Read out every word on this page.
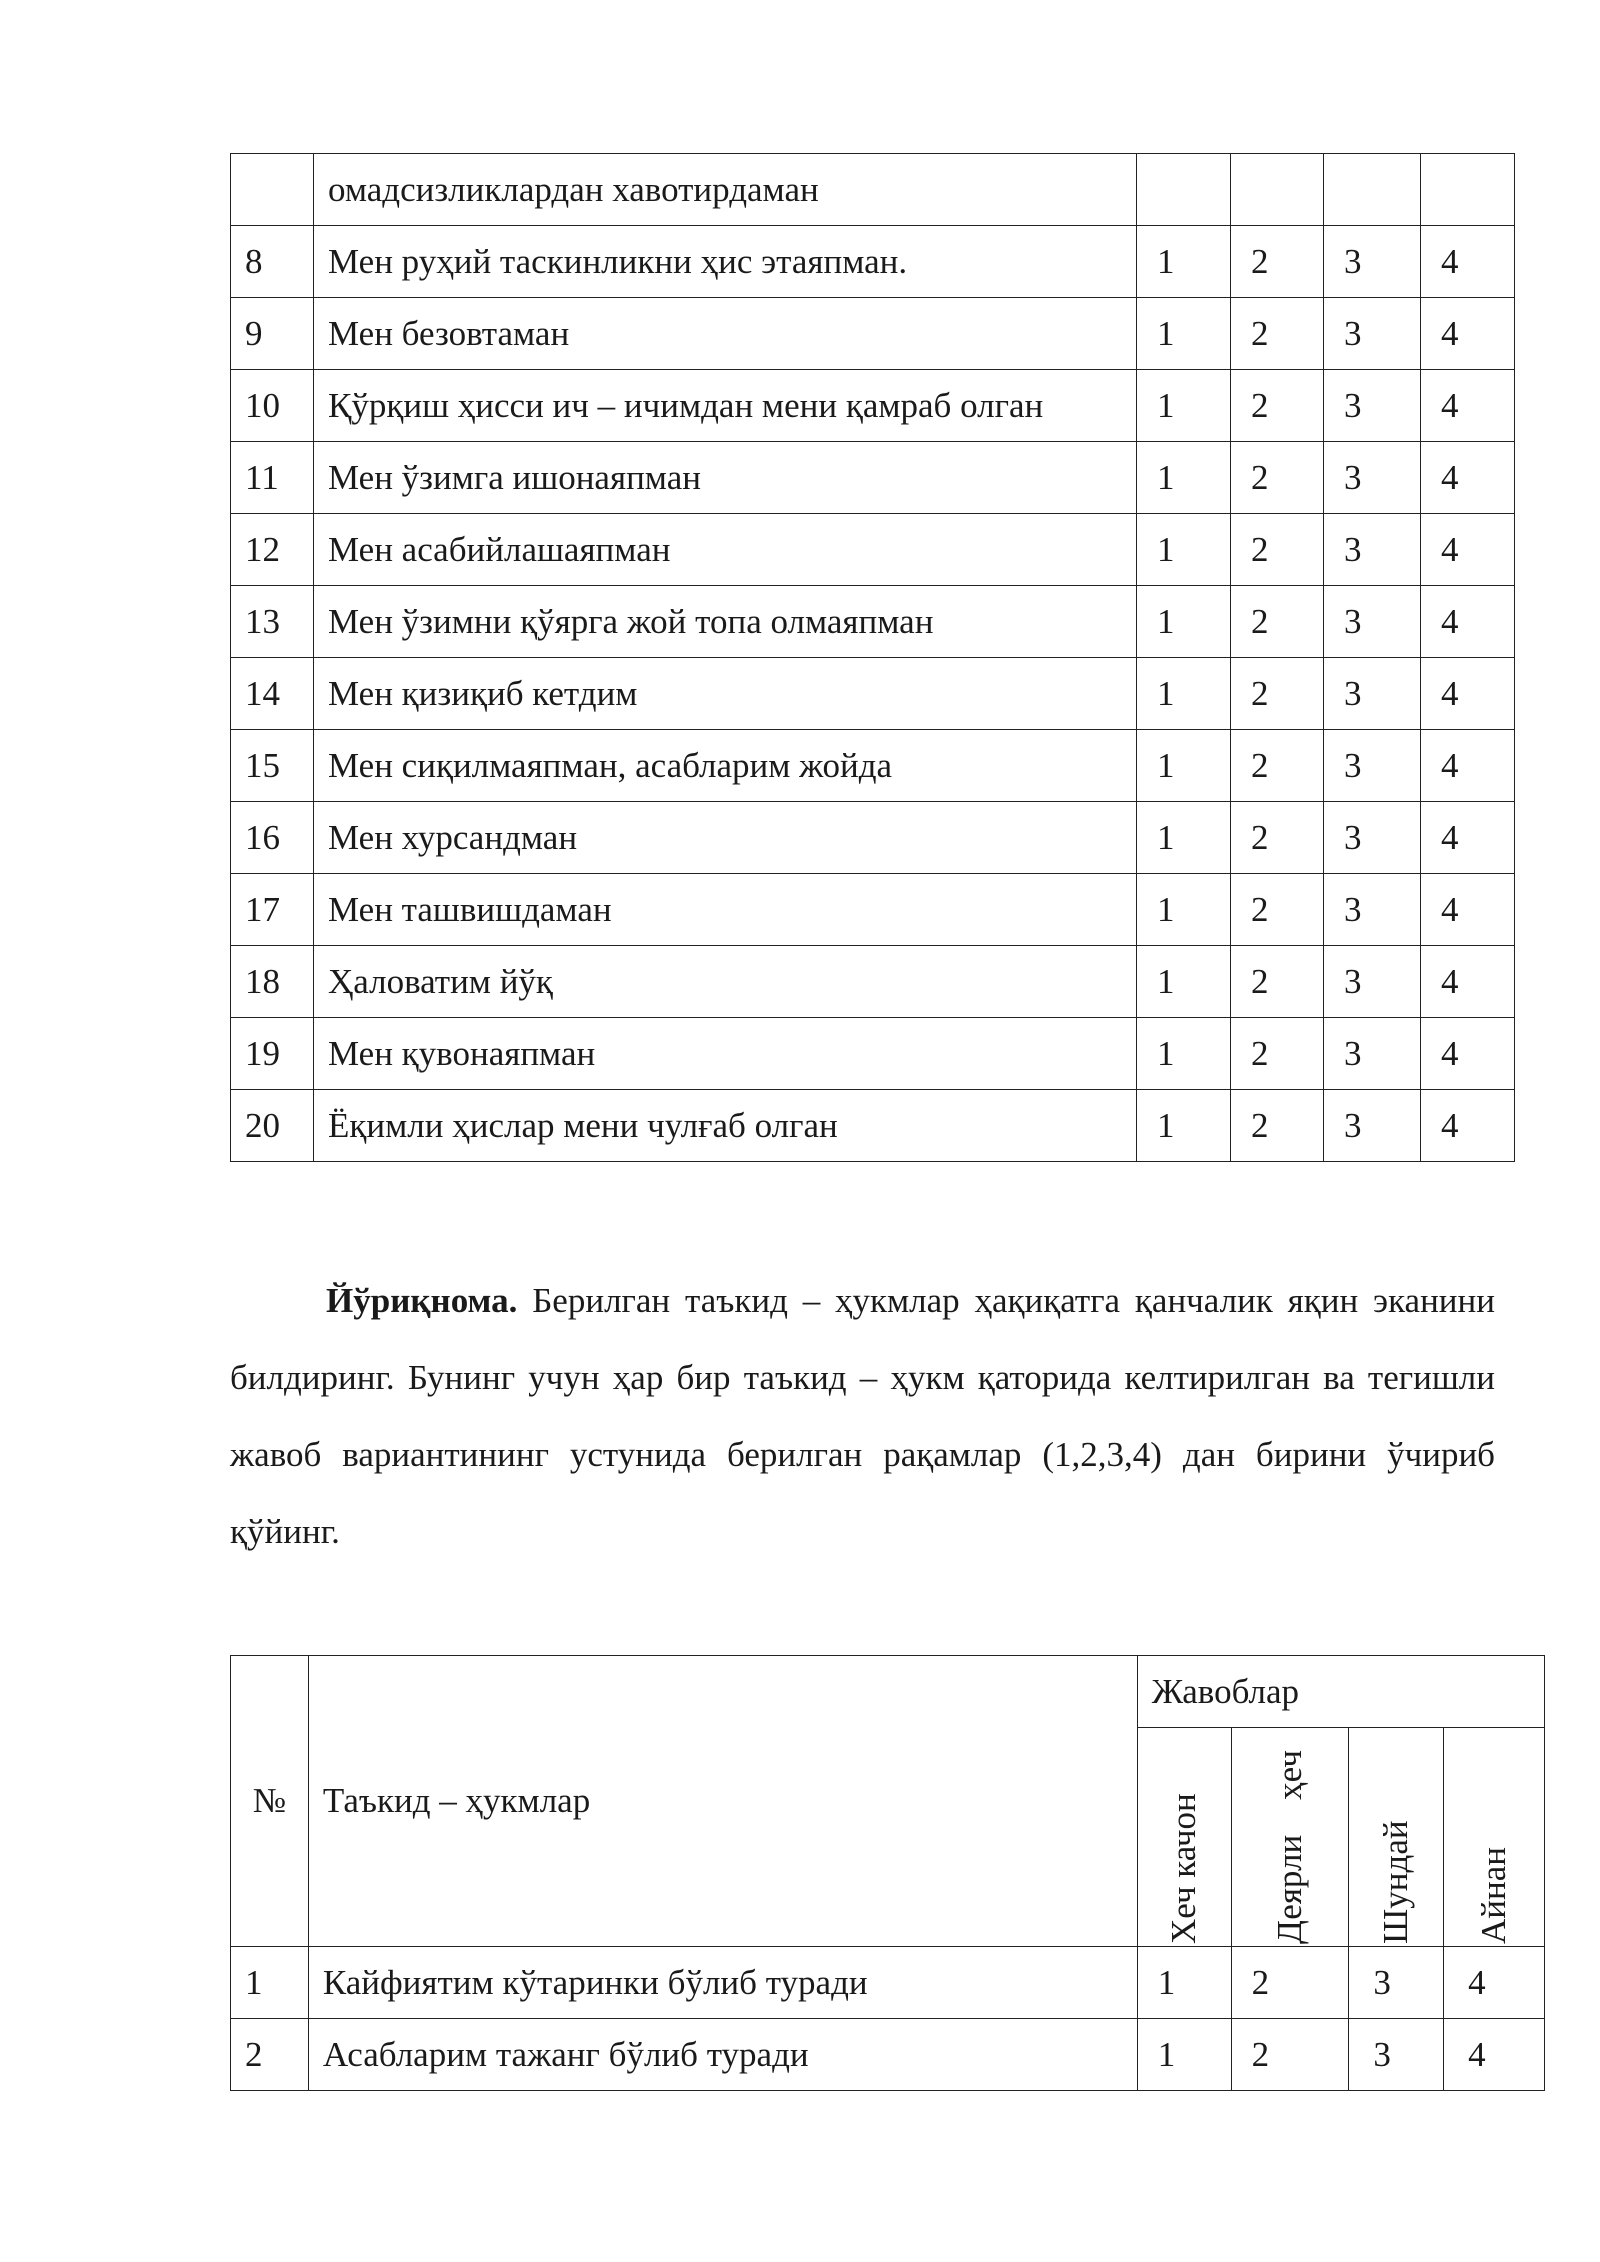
	омадсизликлардан хавотирдаман				
8	Мен руҳий таскинликни ҳис этаяпман.	1	2	3	4
9	Мен безовтаман	1	2	3	4
10	Қўрқиш ҳисси ич – ичимдан мени қамраб олган	1	2	3	4
11	Мен ўзимга ишонаяпман	1	2	3	4
12	Мен асабийлашаяпман	1	2	3	4
13	Мен ўзимни қўярга жой топа олмаяпман	1	2	3	4
14	Мен қизиқиб кетдим	1	2	3	4
15	Мен сиқилмаяпман, асабларим жойда	1	2	3	4
16	Мен хурсандман	1	2	3	4
17	Мен ташвишдаман	1	2	3	4
18	Ҳаловатим йўқ	1	2	3	4
19	Мен қувонаяпман	1	2	3	4
20	Ёқимли ҳислар мени чулғаб олган	1	2	3	4

Йўриқнома. Берилган таъкид – ҳукмлар ҳақиқатга қанчалик яқин эканини билдиринг. Бунинг учун ҳар бир таъкид – ҳукм қаторида келтирилган ва тегишли жавоб вариантининг устунида берилган рақамлар (1,2,3,4) дан бирини ўчириб қўйинг.

№	Таъкид – ҳукмлар	Жавоблар			

		Хеч качон	Деярли    ҳеч	Шундай	Айнан

1	Кайфиятим кўтаринки бўлиб туради	1	2	3	4
2	Асабларим тажанг бўлиб туради	1	2	3	4
